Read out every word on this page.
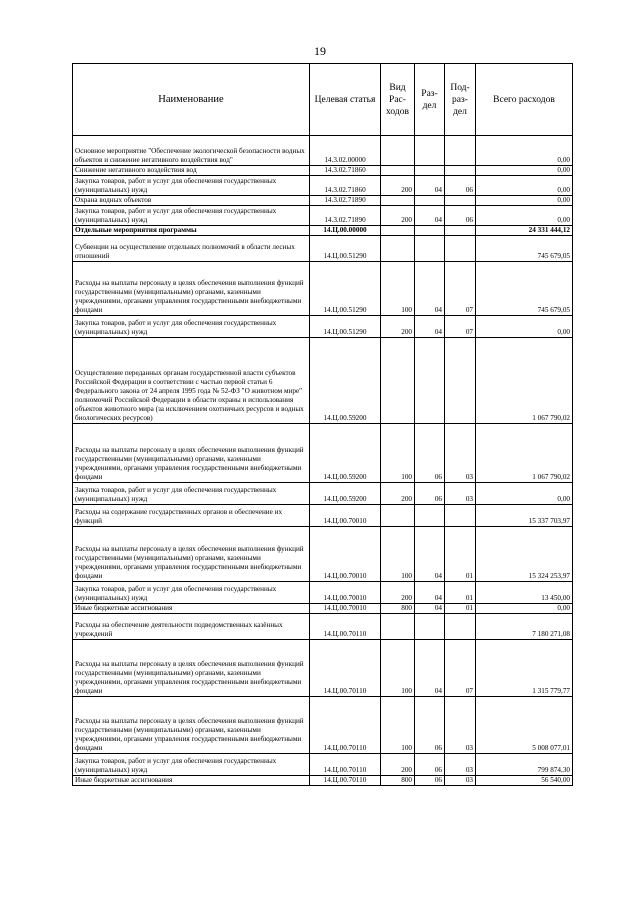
19
Наименование	Целевая статья	Вид Рас-ходов	Раз-дел	Под-раз-дел	Всего расходов
Основное мероприятие "Обеспечение экологической безопасности водных объектов и снижение негативного воздействия вод"	14.3.02.00000				0,00
Снижение негативного воздействия вод	14.3.02.71860				0,00
Закупка товаров, работ и услуг для обеспечения государственных (муниципальных) нужд	14.3.02.71860	200	04	06	0,00
Охрана водных объектов	14.3.02.71890				0,00
Закупка товаров, работ и услуг для обеспечения государственных (муниципальных) нужд	14.3.02.71890	200	04	06	0,00
Отдельные мероприятия программы	14.Ц.00.00000				24 331 444,12
Субвенции на осуществление отдельных полномочий в области лесных отношений	14.Ц.00.51290				745 679,05
Расходы на выплаты персоналу в целях обеспечения выполнения функций государственными (муниципальными) органами, казенными учреждениями, органами управления государственными внебюджетными фондами	14.Ц.00.51290	100	04	07	745 679,05
Закупка товаров, работ и услуг для обеспечения государственных (муниципальных) нужд	14.Ц.00.51290	200	04	07	0,00
Осуществление переданных органам государственной власти субъектов Российской Федерации в соответствии с частью первой статьи 6 Федерального закона от 24 апреля 1995 года № 52-ФЗ "О животном мире" полномочий Российской Федерации в области охраны и использования объектов животного мира (за исключением охотничьих ресурсов и водных биологических ресурсов)	14.Ц.00.59200				1 067 790,02
Расходы на выплаты персоналу в целях обеспечения выполнения функций государственными (муниципальными) органами, казенными учреждениями, органами управления государственными внебюджетными фондами	14.Ц.00.59200	100	06	03	1 067 790,02
Закупка товаров, работ и услуг для обеспечения государственных (муниципальных) нужд	14.Ц.00.59200	200	06	03	0,00
Расходы на содержание государственных органов и обеспечение их функций	14.Ц.00.70010				15 337 703,97
Расходы на выплаты персоналу в целях обеспечения выполнения функций государственными (муниципальными) органами, казенными учреждениями, органами управления государственными внебюджетными фондами	14.Ц.00.70010	100	04	01	15 324 253,97
Закупка товаров, работ и услуг для обеспечения государственных (муниципальных) нужд	14.Ц.00.70010	200	04	01	13 450,00
Иные бюджетные ассигнования	14.Ц.00.70010	800	04	01	0,00
Расходы на обеспечение деятельности подведомственных казённых учреждений	14.Ц.00.70110				7 180 271,08
Расходы на выплаты персоналу в целях обеспечения выполнения функций государственными (муниципальными) органами, казенными учреждениями, органами управления государственными внебюджетными фондами	14.Ц.00.70110	100	04	07	1 315 779,77
Расходы на выплаты персоналу в целях обеспечения выполнения функций государственными (муниципальными) органами, казенными учреждениями, органами управления государственными внебюджетными фондами	14.Ц.00.70110	100	06	03	5 008 077,01
Закупка товаров, работ и услуг для обеспечения государственных (муниципальных) нужд	14.Ц.00.70110	200	06	03	799 874,30
Иные бюджетные ассигнования	14.Ц.00.70110	800	06	03	56 540,00
